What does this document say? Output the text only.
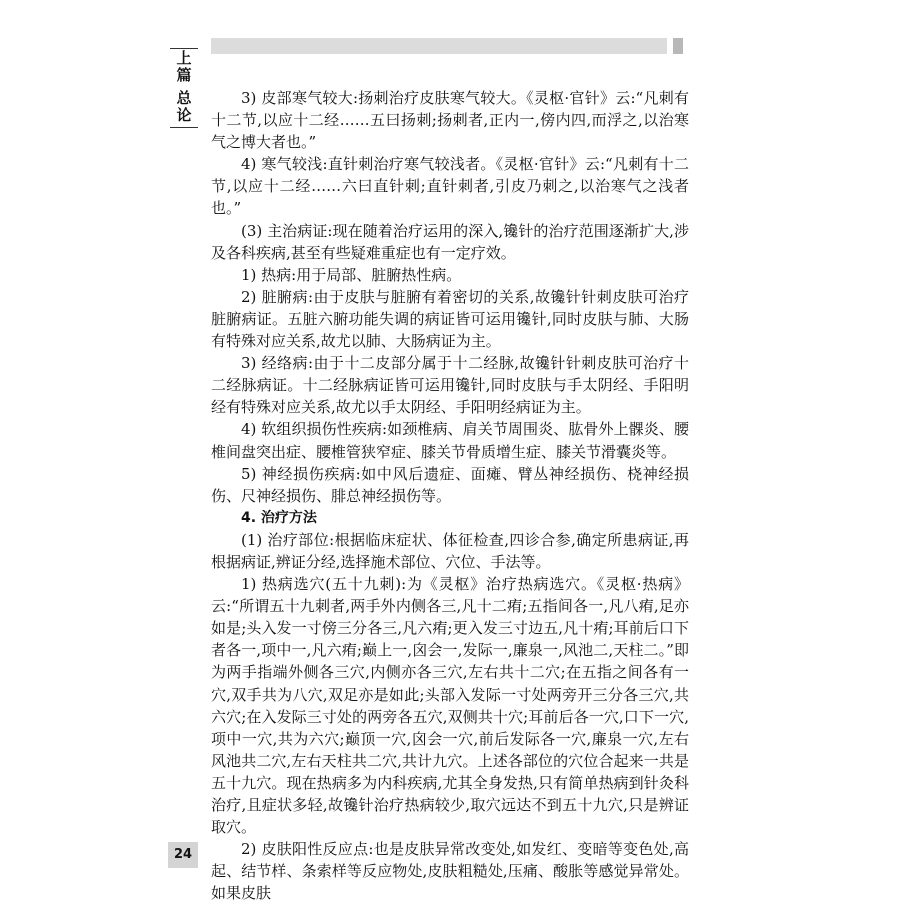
上篇
总论

3) 皮部寒气较大:扬刺治疗皮肤寒气较大。《灵枢·官针》云:“凡刺有十二节,以应十二经……五曰扬刺;扬刺者,正内一,傍内四,而浮之,以治寒气之博大者也。”

4) 寒气较浅:直针刺治疗寒气较浅者。《灵枢·官针》云:“凡刺有十二节,以应十二经……六曰直针刺;直针刺者,引皮乃刺之,以治寒气之浅者也。”

(3) 主治病证:现在随着治疗运用的深入,镵针的治疗范围逐渐扩大,涉及各科疾病,甚至有些疑难重症也有一定疗效。

1) 热病:用于局部、脏腑热性病。

2) 脏腑病:由于皮肤与脏腑有着密切的关系,故镵针针刺皮肤可治疗脏腑病证。五脏六腑功能失调的病证皆可运用镵针,同时皮肤与肺、大肠有特殊对应关系,故尤以肺、大肠病证为主。

3) 经络病:由于十二皮部分属于十二经脉,故镵针针刺皮肤可治疗十二经脉病证。十二经脉病证皆可运用镵针,同时皮肤与手太阴经、手阳明经有特殊对应关系,故尤以手太阴经、手阳明经病证为主。

4) 软组织损伤性疾病:如颈椎病、肩关节周围炎、肱骨外上髁炎、腰椎间盘突出症、腰椎管狭窄症、膝关节骨质增生症、膝关节滑囊炎等。

5) 神经损伤疾病:如中风后遗症、面瘫、臂丛神经损伤、桡神经损伤、尺神经损伤、腓总神经损伤等。

4. 治疗方法

(1) 治疗部位:根据临床症状、体征检查,四诊合参,确定所患病证,再根据病证,辨证分经,选择施术部位、穴位、手法等。

1) 热病选穴(五十九刺):为《灵枢》治疗热病选穴。《灵枢·热病》云:“所谓五十九刺者,两手外内侧各三,凡十二痏;五指间各一,凡八痏,足亦如是;头入发一寸傍三分各三,凡六痏;更入发三寸边五,凡十痏;耳前后口下者各一,项中一,凡六痏;巅上一,囟会一,发际一,廉泉一,风池二,天柱二。”即为两手指端外侧各三穴,内侧亦各三穴,左右共十二穴;在五指之间各有一穴,双手共为八穴,双足亦是如此;头部入发际一寸处两旁开三分各三穴,共六穴;在入发际三寸处的两旁各五穴,双侧共十穴;耳前后各一穴,口下一穴,项中一穴,共为六穴;巅顶一穴,囟会一穴,前后发际各一穴,廉泉一穴,左右风池共二穴,左右天柱共二穴,共计九穴。上述各部位的穴位合起来一共是五十九穴。现在热病多为内科疾病,尤其全身发热,只有简单热病到针灸科治疗,且症状多轻,故镵针治疗热病较少,取穴远达不到五十九穴,只是辨证取穴。

2) 皮肤阳性反应点:也是皮肤异常改变处,如发红、变暗等变色处,高起、结节样、条索样等反应物处,皮肤粗糙处,压痛、酸胀等感觉异常处。如果皮肤

24
